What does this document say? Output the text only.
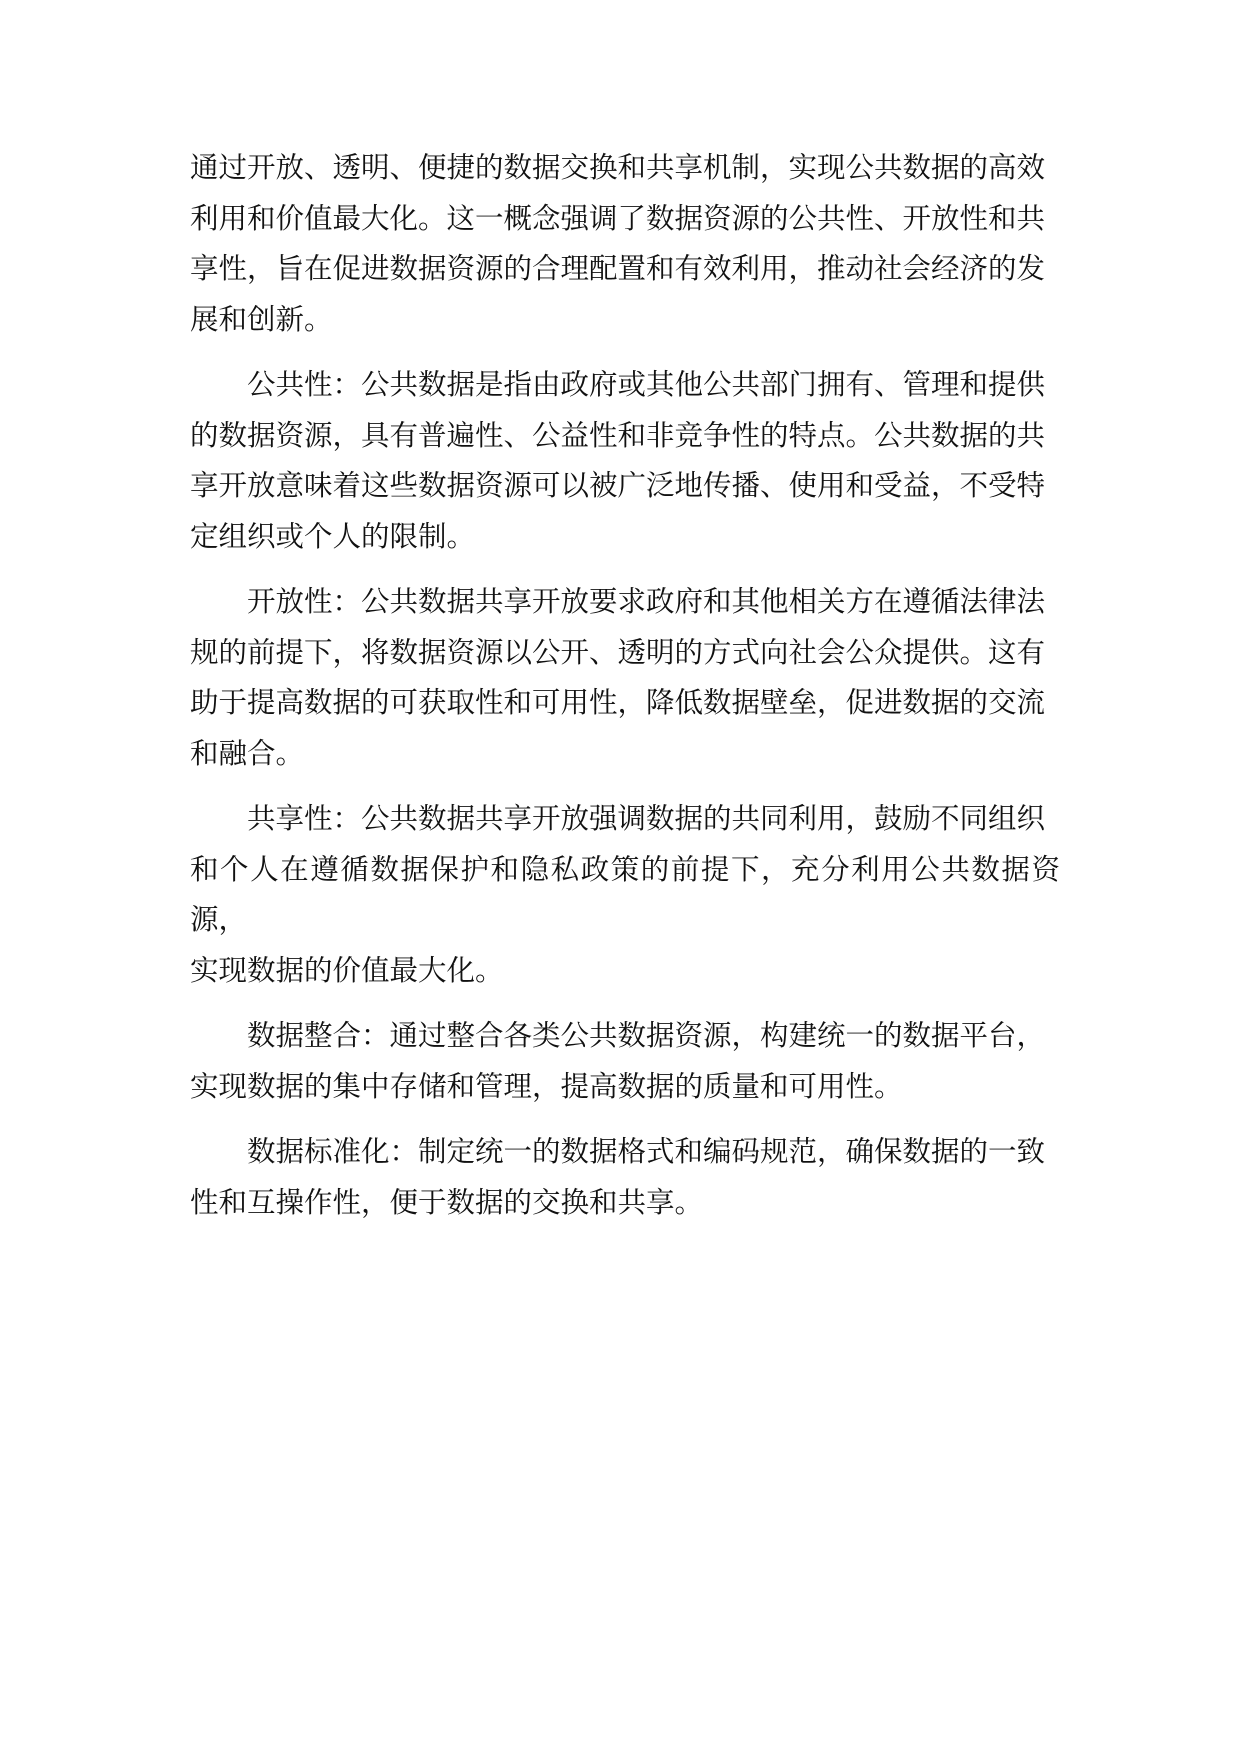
通过开放、透明、便捷的数据交换和共享机制，实现公共数据的高效
利用和价值最大化。这一概念强调了数据资源的公共性、开放性和共
享性，旨在促进数据资源的合理配置和有效利用，推动社会经济的发
展和创新。

公共性：公共数据是指由政府或其他公共部门拥有、管理和提供
的数据资源，具有普遍性、公益性和非竞争性的特点。公共数据的共
享开放意味着这些数据资源可以被广泛地传播、使用和受益，不受特
定组织或个人的限制。

开放性：公共数据共享开放要求政府和其他相关方在遵循法律法
规的前提下，将数据资源以公开、透明的方式向社会公众提供。这有
助于提高数据的可获取性和可用性，降低数据壁垒，促进数据的交流
和融合。

共享性：公共数据共享开放强调数据的共同利用，鼓励不同组织
和个人在遵循数据保护和隐私政策的前提下，充分利用公共数据资源，
实现数据的价值最大化。

数据整合：通过整合各类公共数据资源，构建统一的数据平台，
实现数据的集中存储和管理，提高数据的质量和可用性。

数据标准化：制定统一的数据格式和编码规范，确保数据的一致
性和互操作性，便于数据的交换和共享。
